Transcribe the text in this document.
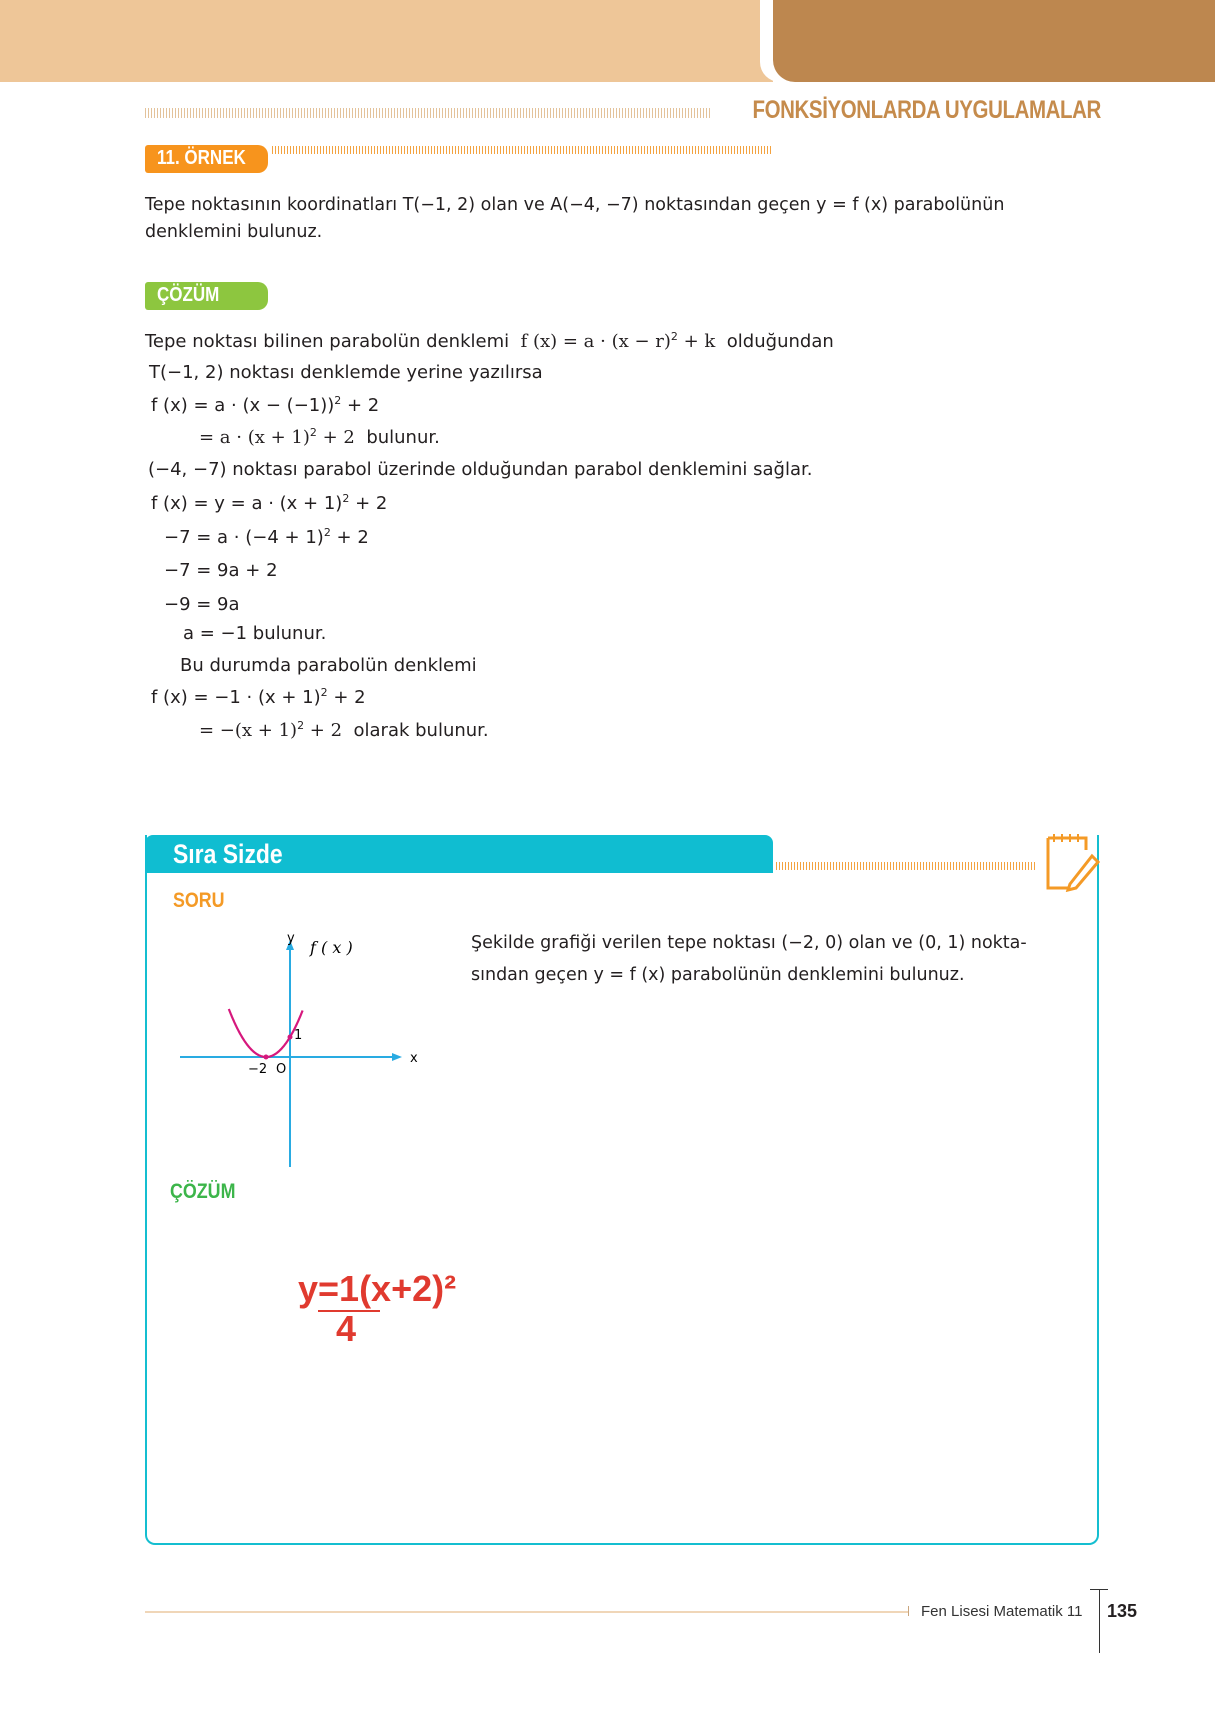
FONKSİYONLARDA UYGULAMALAR
11. ÖRNEK
Tepe noktasının koordinatları T(−1, 2) olan ve A(−4, −7) noktasından geçen y = f (x) parabolünün
denklemini bulunuz.
ÇÖZÜM
Tepe noktası bilinen parabolün denklemi f $(x) = a \cdot (x - r)^2 + k$ olduğundan
T(−1, 2) noktası denklemde yerine yazılırsa
f $(x) = a \cdot (x - (-1))^2 + 2$
= $a \cdot (x + 1)^2 + 2$ bulunur.
(−4, −7) noktası parabol üzerinde olduğundan parabol denklemini sağlar.
f $(x) = y = a \cdot (x + 1)^2 + 2$
$-7 = a \cdot (-4 + 1)^2 + 2$
−7 = 9a + 2
−9 = 9a
a = −1 bulunur.
Bu durumda parabolün denklemi
f $(x) = -1 \cdot (x + 1)^2 + 2$
= $-(x + 1)^2 + 2$ olarak bulunur.
Sıra Sizde
SORU
y
x
f ( x )
−2 O
1
Şekilde grafiği verilen tepe noktası (−2, 0) olan ve (0, 1) nokta-
sından geçen y = f (x) parabolünün denklemini bulunuz.
ÇÖZÜM
y=1(x+2)²
4
Fen Lisesi Matematik 11 135
